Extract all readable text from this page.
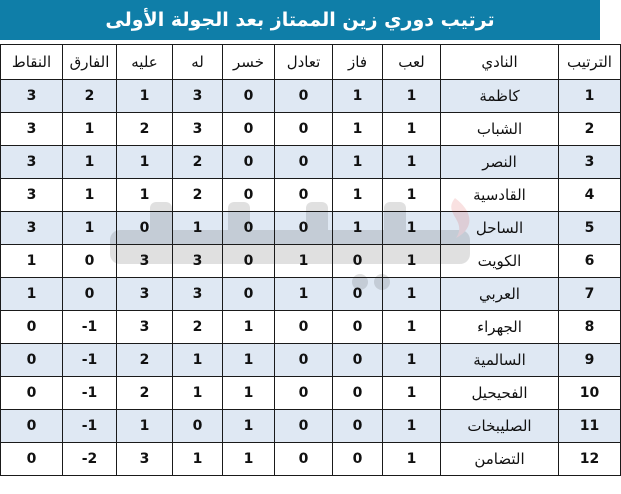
ترتيب دوري زين الممتاز بعد الجولة الأولى
الترتيب	النادي	لعب	فاز	تعادل	خسر	له	عليه	الفارق	النقاط
1	كاظمة	1	1	0	0	3	1	2	3
2	الشباب	1	1	0	0	3	2	1	3
3	النصر	1	1	0	0	2	1	1	3
4	القادسية	1	1	0	0	2	1	1	3
5	الساحل	1	1	0	0	1	0	1	3
6	الكويت	1	0	1	0	3	3	0	1
7	العربي	1	0	1	0	3	3	0	1
8	الجهراء	1	0	0	1	2	3	1-	0
9	السالمية	1	0	0	1	1	2	1-	0
10	الفحيحيل	1	0	0	1	1	2	1-	0
11	الصليبخات	1	0	0	1	0	1	1-	0
12	التضامن	1	0	0	1	1	3	2-	0
